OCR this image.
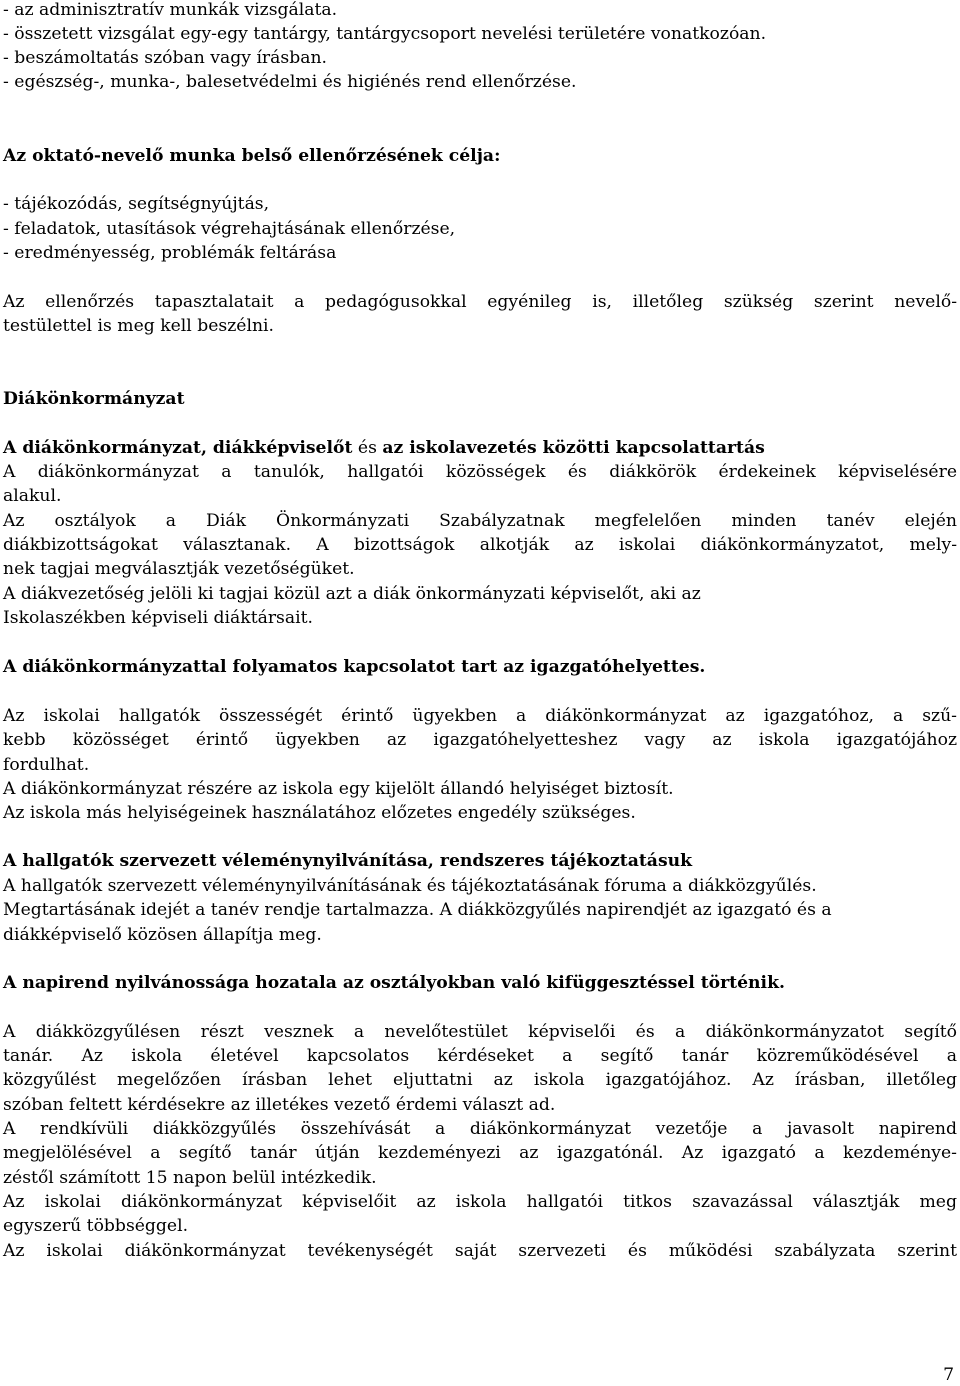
- az adminisztratív munkák vizsgálata.
- összetett vizsgálat egy-egy tantárgy, tantárgycsoport nevelési területére vonatkozóan.
- beszámoltatás szóban vagy írásban.
- egészség-, munka-, balesetvédelmi és higiénés rend ellenőrzése.
Az oktató-nevelő munka belső ellenőrzésének célja:
- tájékozódás, segítségnyújtás,
- feladatok, utasítások végrehajtásának ellenőrzése,
- eredményesség, problémák feltárása
Az ellenőrzés tapasztalatait a pedagógusokkal egyénileg is, illetőleg szükség szerint nevelő-
testülettel is meg kell beszélni.
Diákönkormányzat
A diákönkormányzat, diákképviselőt és az iskolavezetés közötti kapcsolattartás
A diákönkormányzat a tanulók, hallgatói közösségek és diákkörök érdekeinek képviselésére
alakul.
Az osztályok a Diák Önkormányzati Szabályzatnak megfelelően minden tanév elején
diákbizottságokat választanak. A bizottságok alkotják az iskolai diákönkormányzatot, mely-
nek tagjai megválasztják vezetőségüket.
A diákvezetőség jelöli ki tagjai közül azt a diák önkormányzati képviselőt, aki az
Iskolaszékben képviseli diáktársait.
A diákönkormányzattal folyamatos kapcsolatot tart az igazgatóhelyettes.
Az iskolai hallgatók összességét érintő ügyekben a diákönkormányzat az igazgatóhoz, a szű-
kebb közösséget érintő ügyekben az igazgatóhelyetteshez vagy az iskola igazgatójához
fordulhat.
A diákönkormányzat részére az iskola egy kijelölt állandó helyiséget biztosít.
Az iskola más helyiségeinek használatához előzetes engedély szükséges.
A hallgatók szervezett véleménynyilvánítása, rendszeres tájékoztatásuk
A hallgatók szervezett véleménynyilvánításának és tájékoztatásának fóruma a diákközgyűlés.
Megtartásának idejét a tanév rendje tartalmazza. A diákközgyűlés napirendjét az igazgató és a
diákképviselő közösen állapítja meg.
A napirend nyilvánossága hozatala az osztályokban való kifüggesztéssel történik.
A diákközgyűlésen részt vesznek a nevelőtestület képviselői és a diákönkormányzatot segítő
tanár. Az iskola életével kapcsolatos kérdéseket a segítő tanár közreműködésével a
közgyűlést megelőzően írásban lehet eljuttatni az iskola igazgatójához. Az írásban, illetőleg
szóban feltett kérdésekre az illetékes vezető érdemi választ ad.
A rendkívüli diákközgyűlés összehívását a diákönkormányzat vezetője a javasolt napirend
megjelölésével a segítő tanár útján kezdeményezi az igazgatónál. Az igazgató a kezdeménye-
zéstől számított 15 napon belül intézkedik.
Az iskolai diákönkormányzat képviselőit az iskola hallgatói titkos szavazással választják meg
egyszerű többséggel.
Az iskolai diákönkormányzat tevékenységét saját szervezeti és működési szabályzata szerint
7
